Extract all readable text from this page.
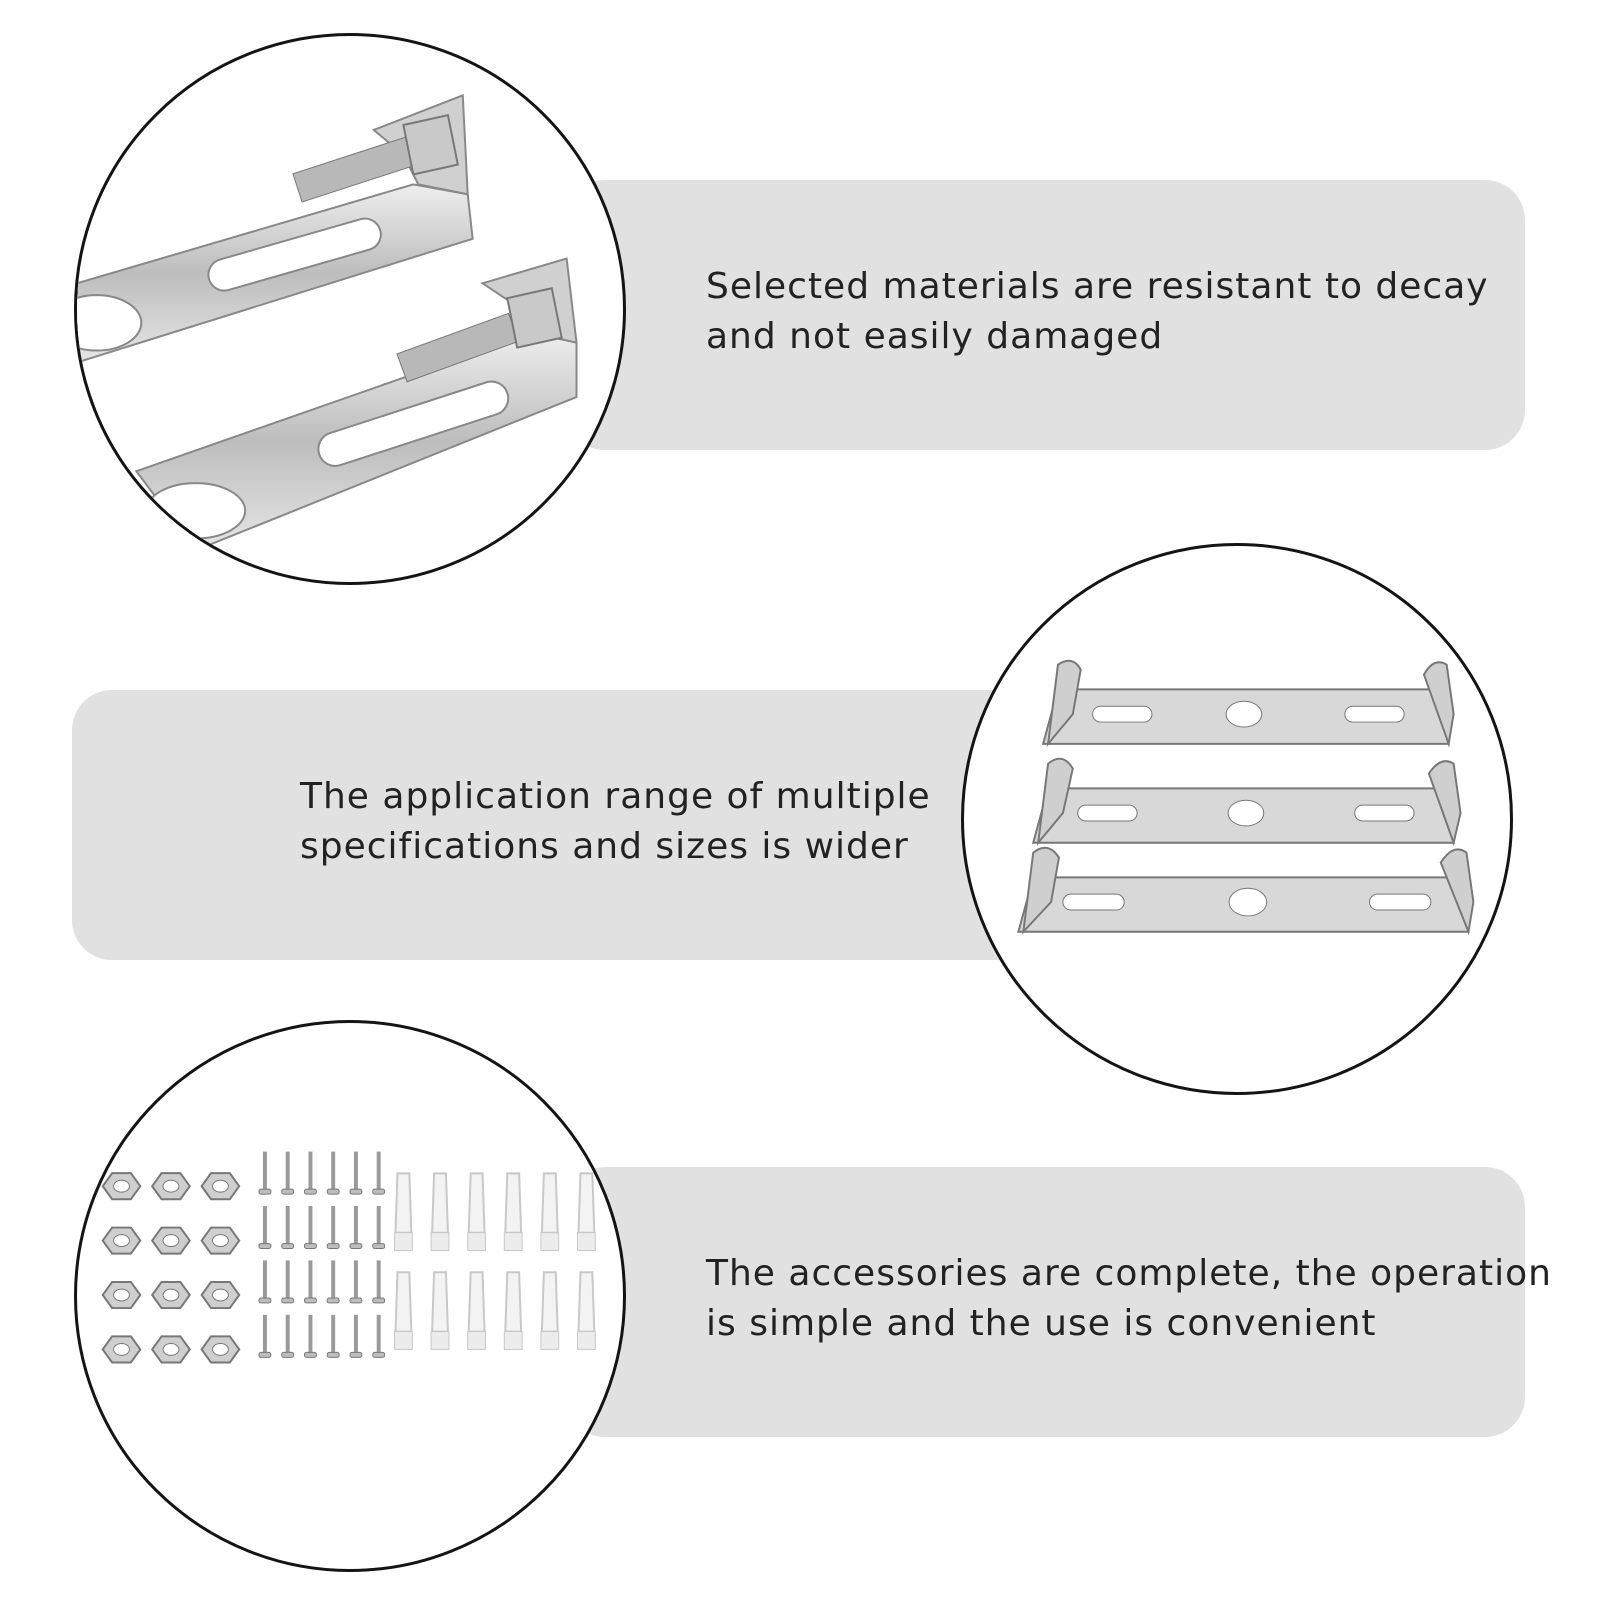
Selected materials are resistant to decay
and not easily damaged
The application range of multiple
specifications and sizes is wider
The accessories are complete, the operation
is simple and the use is convenient
